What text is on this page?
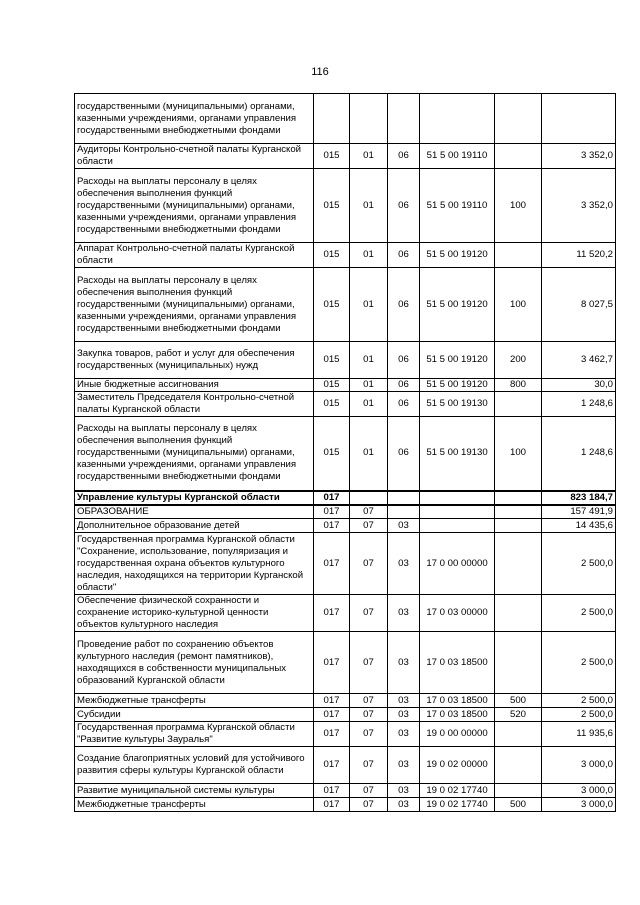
116
государственными (муниципальными) органами, казенными учреждениями, органами управления государственными внебюджетными фондами						
Аудиторы Контрольно-счетной палаты Курганской области	015	01	06	51 5 00 19110		3 352,0
Расходы на выплаты персоналу в целях обеспечения выполнения функций государственными (муниципальными) органами, казенными учреждениями, органами управления государственными внебюджетными фондами	015	01	06	51 5 00 19110	100	3 352,0
Аппарат Контрольно-счетной палаты Курганской области	015	01	06	51 5 00 19120		11 520,2
Расходы на выплаты персоналу в целях обеспечения выполнения функций государственными (муниципальными) органами, казенными учреждениями, органами управления государственными внебюджетными фондами	015	01	06	51 5 00 19120	100	8 027,5
Закупка товаров, работ и услуг для обеспечения государственных (муниципальных) нужд	015	01	06	51 5 00 19120	200	3 462,7
Иные бюджетные ассигнования	015	01	06	51 5 00 19120	800	30,0
Заместитель Председателя Контрольно-счетной палаты Курганской области	015	01	06	51 5 00 19130		1 248,6
Расходы на выплаты персоналу в целях обеспечения выполнения функций государственными (муниципальными) органами, казенными учреждениями, органами управления государственными внебюджетными фондами	015	01	06	51 5 00 19130	100	1 248,6
Управление культуры Курганской области	017					823 184,7
ОБРАЗОВАНИЕ	017	07				157 491,9
Дополнительное образование детей	017	07	03			14 435,6
Государственная программа Курганской области "Сохранение, использование, популяризация и государственная охрана объектов культурного наследия, находящихся на территории Курганской области"	017	07	03	17 0 00 00000		2 500,0
Обеспечение физической сохранности и сохранение историко-культурной ценности объектов культурного наследия	017	07	03	17 0 03 00000		2 500,0
Проведение работ по сохранению объектов культурного наследия (ремонт памятников), находящихся в собственности муниципальных образований Курганской области	017	07	03	17 0 03 18500		2 500,0
Межбюджетные трансферты	017	07	03	17 0 03 18500	500	2 500,0
Субсидии	017	07	03	17 0 03 18500	520	2 500,0
Государственная программа Курганской области "Развитие культуры Зауралья"	017	07	03	19 0 00 00000		11 935,6
Создание благоприятных условий для устойчивого развития сферы культуры Курганской области	017	07	03	19 0 02 00000		3 000,0
Развитие муниципальной системы культуры	017	07	03	19 0 02 17740		3 000,0
Межбюджетные трансферты	017	07	03	19 0 02 17740	500	3 000,0
